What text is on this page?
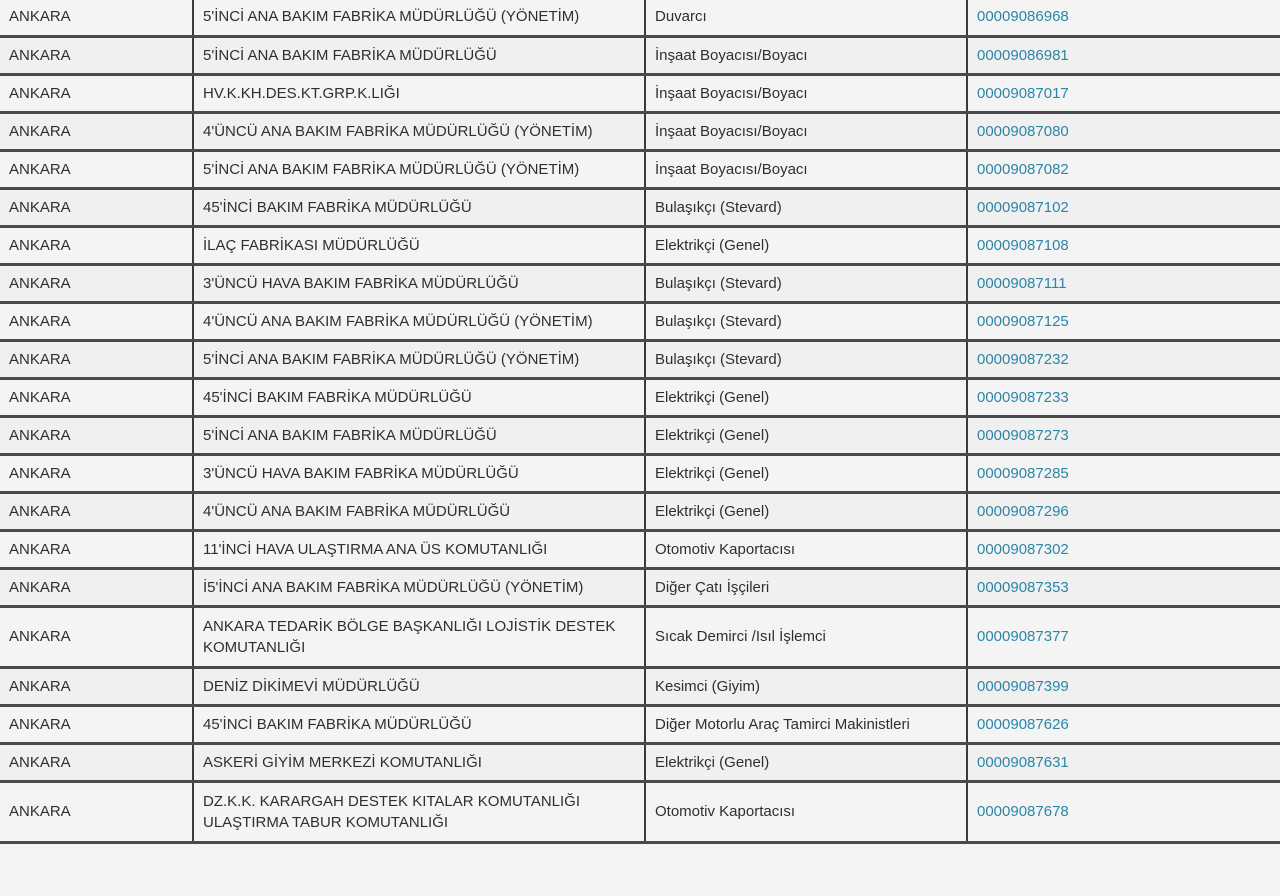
ANKARA	5'İNCİ ANA BAKIM FABRİKA MÜDÜRLÜĞÜ (YÖNETİM)	Duvarcı	00009086968
ANKARA	5'İNCİ ANA BAKIM FABRİKA MÜDÜRLÜĞÜ	İnşaat Boyacısı/Boyacı	00009086981
ANKARA	HV.K.KH.DES.KT.GRP.K.LIĞI	İnşaat Boyacısı/Boyacı	00009087017
ANKARA	4'ÜNCÜ ANA BAKIM FABRİKA MÜDÜRLÜĞÜ (YÖNETİM)	İnşaat Boyacısı/Boyacı	00009087080
ANKARA	5'İNCİ ANA BAKIM FABRİKA MÜDÜRLÜĞÜ (YÖNETİM)	İnşaat Boyacısı/Boyacı	00009087082
ANKARA	45'İNCİ BAKIM FABRİKA MÜDÜRLÜĞÜ	Bulaşıkçı (Stevard)	00009087102
ANKARA	İLAÇ FABRİKASI MÜDÜRLÜĞÜ	Elektrikçi (Genel)	00009087108
ANKARA	3'ÜNCÜ HAVA BAKIM FABRİKA MÜDÜRLÜĞÜ	Bulaşıkçı (Stevard)	00009087111
ANKARA	4'ÜNCÜ ANA BAKIM FABRİKA MÜDÜRLÜĞÜ (YÖNETİM)	Bulaşıkçı (Stevard)	00009087125
ANKARA	5'İNCİ ANA BAKIM FABRİKA MÜDÜRLÜĞÜ (YÖNETİM)	Bulaşıkçı (Stevard)	00009087232
ANKARA	45'İNCİ BAKIM FABRİKA MÜDÜRLÜĞÜ	Elektrikçi (Genel)	00009087233
ANKARA	5'İNCİ ANA BAKIM FABRİKA MÜDÜRLÜĞÜ	Elektrikçi (Genel)	00009087273
ANKARA	3'ÜNCÜ HAVA BAKIM FABRİKA MÜDÜRLÜĞÜ	Elektrikçi (Genel)	00009087285
ANKARA	4'ÜNCÜ ANA BAKIM FABRİKA MÜDÜRLÜĞÜ	Elektrikçi (Genel)	00009087296
ANKARA	11'İNCİ HAVA ULAŞTIRMA ANA ÜS KOMUTANLIĞI	Otomotiv Kaportacısı	00009087302
ANKARA	İ5'İNCİ ANA BAKIM FABRİKA MÜDÜRLÜĞÜ (YÖNETİM)	Diğer Çatı İşçileri	00009087353
ANKARA	ANKARA TEDARİK BÖLGE BAŞKANLIĞI LOJİSTİK DESTEK KOMUTANLIĞI	Sıcak Demirci /Isıl İşlemci	00009087377
ANKARA	DENİZ DİKİMEVİ MÜDÜRLÜĞÜ	Kesimci (Giyim)	00009087399
ANKARA	45'İNCİ BAKIM FABRİKA MÜDÜRLÜĞÜ	Diğer Motorlu Araç Tamirci Makinistleri	00009087626
ANKARA	ASKERİ GİYİM MERKEZİ KOMUTANLIĞI	Elektrikçi (Genel)	00009087631
ANKARA	DZ.K.K. KARARGAH DESTEK KITALAR KOMUTANLIĞI ULAŞTIRMA TABUR KOMUTANLIĞI	Otomotiv Kaportacısı	00009087678
